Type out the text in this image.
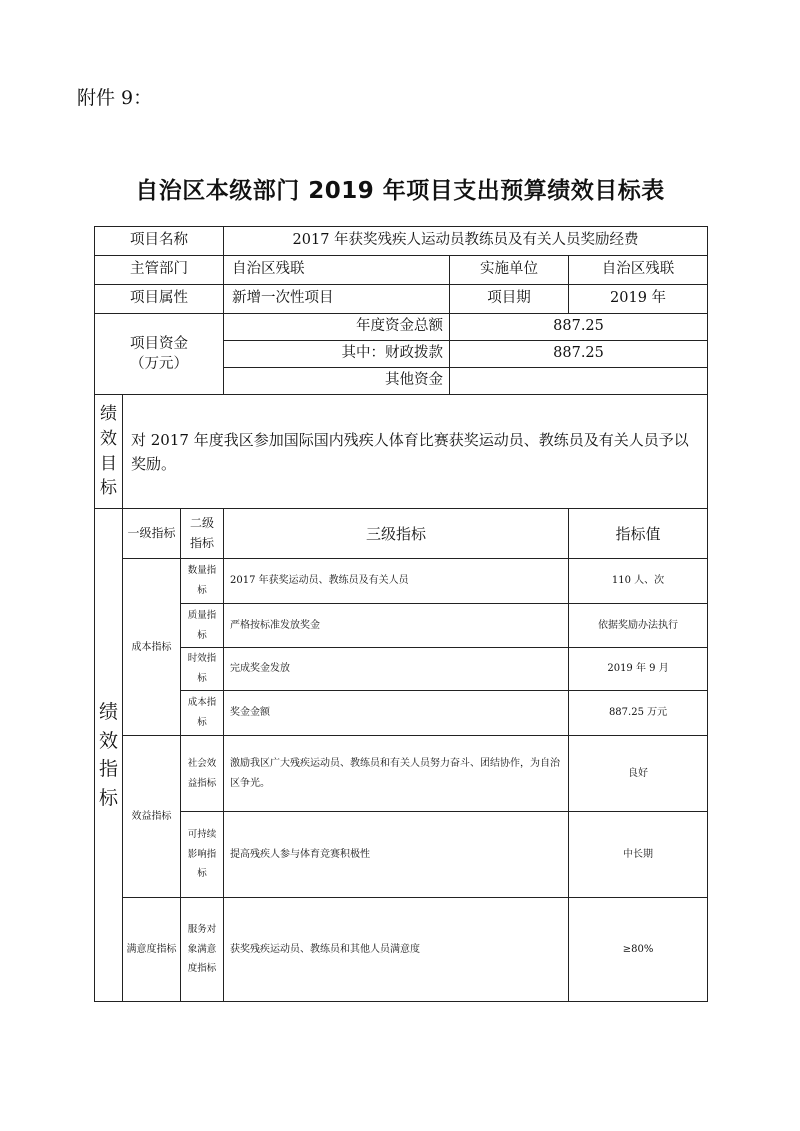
附件 9：
自治区本级部门 2019 年项目支出预算绩效目标表
项目名称			2017 年获奖残疾人运动员教练员及有关人员奖励经费		
主管部门			自治区残联	实施单位	自治区残联
项目属性			新增一次性项目	项目期	2019 年

项目资金
（万元）			年度资金总额	887.25	
			其中：财政拨款	887.25	
			其他资金		

绩
效
目
标	对 2017 年度我区参加国际国内残疾人体育比赛获奖运动员、教练员及有关人员予以奖励。				

绩
效
指
标	一级指标	二级指标	三级指标		指标值
	成本指标	数量指标	2017 年获奖运动员、教练员及有关人员		110 人、次
		质量指标	严格按标准发放奖金		依据奖励办法执行
		时效指标	完成奖金发放		2019 年 9 月
		成本指标	奖金金额		887.25 万元
	效益指标	社会效益指标	激励我区广大残疾运动员、教练员和有关人员努力奋斗、团结协作，为自治区争光。		良好
		可持续影响指标	提高残疾人参与体育竞赛积极性		中长期
	满意度指标	服务对象满意度指标	获奖残疾运动员、教练员和其他人员满意度		≥80%
